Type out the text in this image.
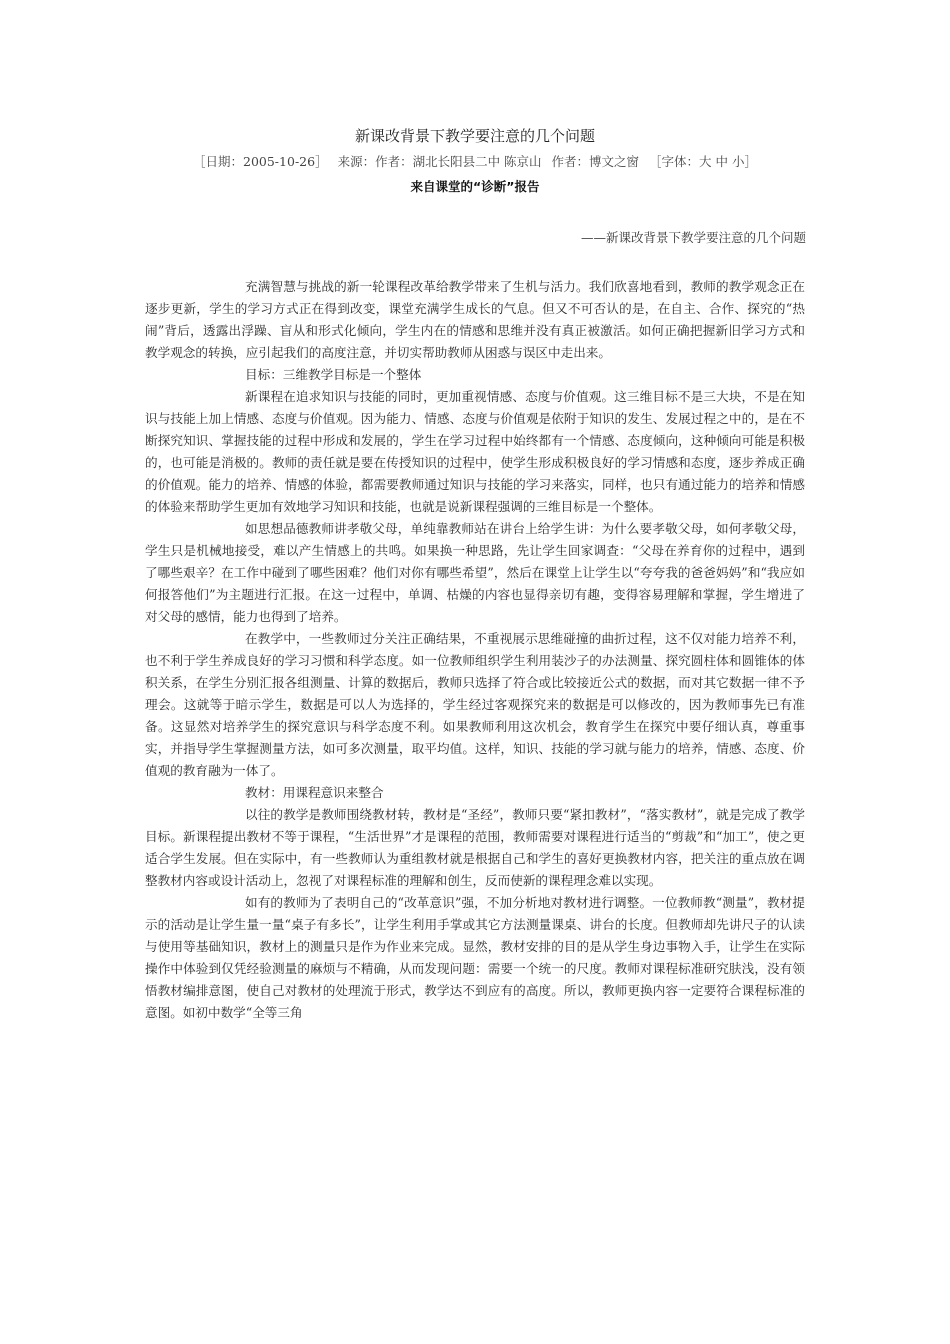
新课改背景下教学要注意的几个问题
［日期：2005-10-26］ 来源：作者：湖北长阳县二中 陈京山 作者：博文之窗 ［字体：大 中 小］
来自课堂的“诊断”报告
——新课改背景下教学要注意的几个问题

充满智慧与挑战的新一轮课程改革给教学带来了生机与活力。我们欣喜地看到，教师的教学观念正在逐步更新，学生的学习方式正在得到改变，课堂充满学生成长的气息。但又不可否认的是，在自主、合作、探究的“热闹”背后，透露出浮躁、盲从和形式化倾向，学生内在的情感和思维并没有真正被激活。如何正确把握新旧学习方式和教学观念的转换，应引起我们的高度注意，并切实帮助教师从困惑与误区中走出来。

目标：三维教学目标是一个整体

新课程在追求知识与技能的同时，更加重视情感、态度与价值观。这三维目标不是三大块，不是在知识与技能上加上情感、态度与价值观。因为能力、情感、态度与价值观是依附于知识的发生、发展过程之中的，是在不断探究知识、掌握技能的过程中形成和发展的，学生在学习过程中始终都有一个情感、态度倾向，这种倾向可能是积极的，也可能是消极的。教师的责任就是要在传授知识的过程中，使学生形成积极良好的学习情感和态度，逐步养成正确的价值观。能力的培养、情感的体验，都需要教师通过知识与技能的学习来落实，同样，也只有通过能力的培养和情感的体验来帮助学生更加有效地学习知识和技能，也就是说新课程强调的三维目标是一个整体。

如思想品德教师讲孝敬父母，单纯靠教师站在讲台上给学生讲：为什么要孝敬父母，如何孝敬父母，学生只是机械地接受，难以产生情感上的共鸣。如果换一种思路，先让学生回家调查：“父母在养育你的过程中，遇到了哪些艰辛？在工作中碰到了哪些困难？他们对你有哪些希望”，然后在课堂上让学生以“夸夸我的爸爸妈妈”和“我应如何报答他们”为主题进行汇报。在这一过程中，单调、枯燥的内容也显得亲切有趣，变得容易理解和掌握，学生增进了对父母的感情，能力也得到了培养。

在教学中，一些教师过分关注正确结果，不重视展示思维碰撞的曲折过程，这不仅对能力培养不利，也不利于学生养成良好的学习习惯和科学态度。如一位教师组织学生利用装沙子的办法测量、探究圆柱体和圆锥体的体积关系，在学生分别汇报各组测量、计算的数据后，教师只选择了符合或比较接近公式的数据，而对其它数据一律不予理会。这就等于暗示学生，数据是可以人为选择的，学生经过客观探究来的数据是可以修改的，因为教师事先已有准备。这显然对培养学生的探究意识与科学态度不利。如果教师利用这次机会，教育学生在探究中要仔细认真，尊重事实，并指导学生掌握测量方法，如可多次测量，取平均值。这样，知识、技能的学习就与能力的培养，情感、态度、价值观的教育融为一体了。

教材：用课程意识来整合

以往的教学是教师围绕教材转，教材是“圣经”，教师只要“紧扣教材”，“落实教材”，就是完成了教学目标。新课程提出教材不等于课程，“生活世界”才是课程的范围，教师需要对课程进行适当的“剪裁”和“加工”，使之更适合学生发展。但在实际中，有一些教师认为重组教材就是根据自己和学生的喜好更换教材内容，把关注的重点放在调整教材内容或设计活动上，忽视了对课程标准的理解和创生，反而使新的课程理念难以实现。

如有的教师为了表明自己的“改革意识”强，不加分析地对教材进行调整。一位教师教“测量”，教材提示的活动是让学生量一量“桌子有多长”，让学生利用手掌或其它方法测量课桌、讲台的长度。但教师却先讲尺子的认读与使用等基础知识，教材上的测量只是作为作业来完成。显然，教材安排的目的是从学生身边事物入手，让学生在实际操作中体验到仅凭经验测量的麻烦与不精确，从而发现问题：需要一个统一的尺度。教师对课程标准研究肤浅，没有领悟教材编排意图，使自己对教材的处理流于形式，教学达不到应有的高度。所以，教师更换内容一定要符合课程标准的意图。如初中数学“全等三角
